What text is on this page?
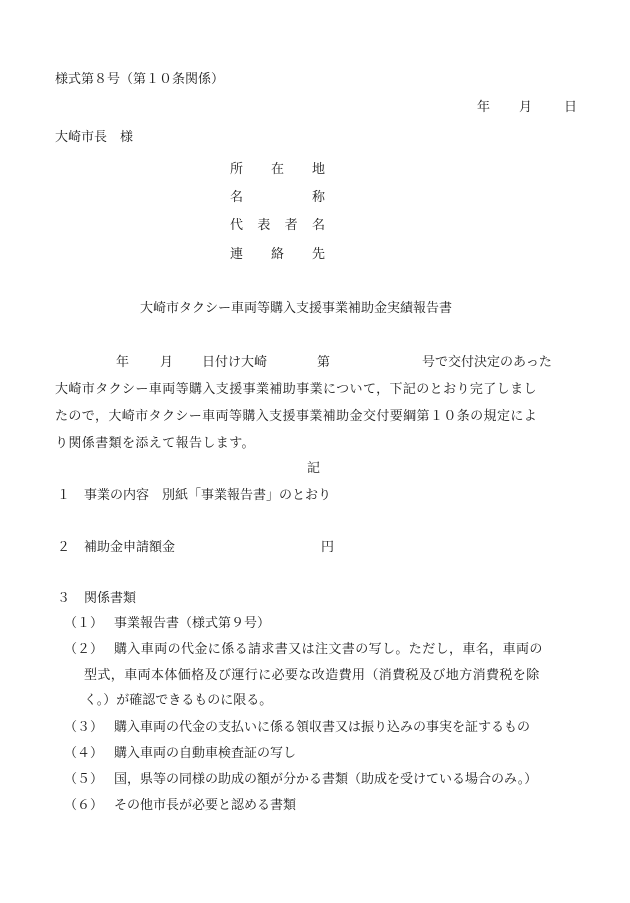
様式第８号（第１０条関係）
年 月 日
大崎市長　様
所 在 地
名	称
代 表 者 名
連 絡 先
大崎市タクシー車両等購入支援事業補助金実績報告書
年 月 日付け大崎	第	号で交付決定のあった
大崎市タクシー車両等購入支援事業補助事業について，下記のとおり完了しまし
たので，大崎市タクシー車両等購入支援事業補助金交付要綱第１０条の規定によ
り関係書類を添えて報告します。
記
１ 事業の内容　別紙「事業報告書」のとおり
２ 補助金申請額金	円
３ 関係書類
（１） 事業報告書（様式第９号）
（２） 購入車両の代金に係る請求書又は注文書の写し。ただし，車名，車両の
型式，車両本体価格及び運行に必要な改造費用（消費税及び地方消費税を除
く。）が確認できるものに限る。
（３） 購入車両の代金の支払いに係る領収書又は振り込みの事実を証するもの
（４） 購入車両の自動車検査証の写し
（５） 国，県等の同様の助成の額が分かる書類（助成を受けている場合のみ。）
（６） その他市長が必要と認める書類
